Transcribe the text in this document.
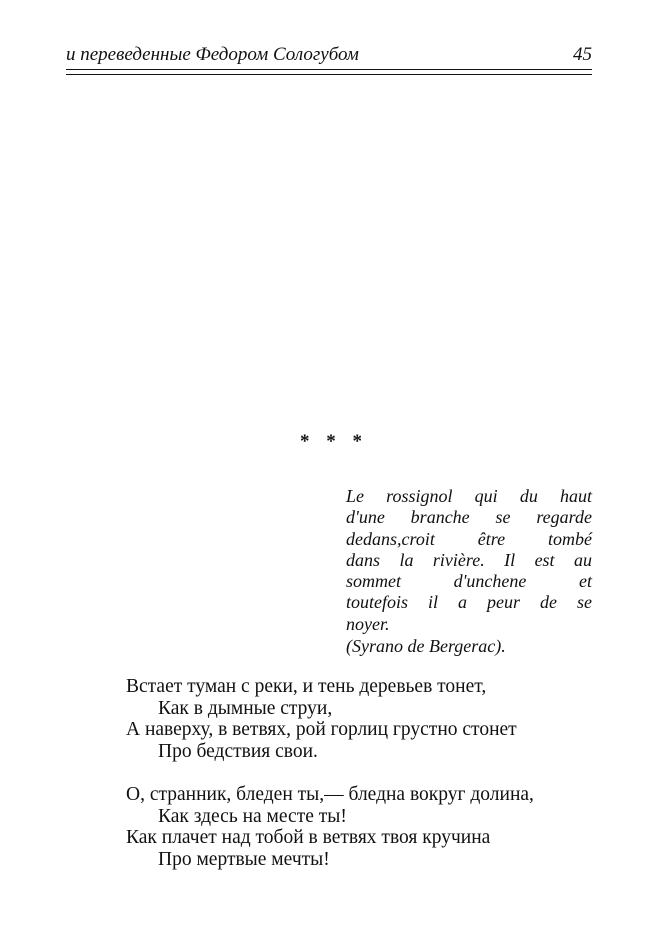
и переведенные Федором Сологубом	45
* * *
Le rossignol qui du haut
d'une branche se regarde
dedans,croit être tombé
dans la rivière. Il est au
sommet d'unchene et
toutefois il a peur de se
noyer.
(Syrano de Bergerac).
Встает туман с реки, и тень деревьев тонет,
Как в дымные струи,
А наверху, в ветвях, рой горлиц грустно стонет
Про бедствия свои.
О, странник, бледен ты,— бледна вокруг долина,
Как здесь на месте ты!
Как плачет над тобой в ветвях твоя кручина
Про мертвые мечты!
